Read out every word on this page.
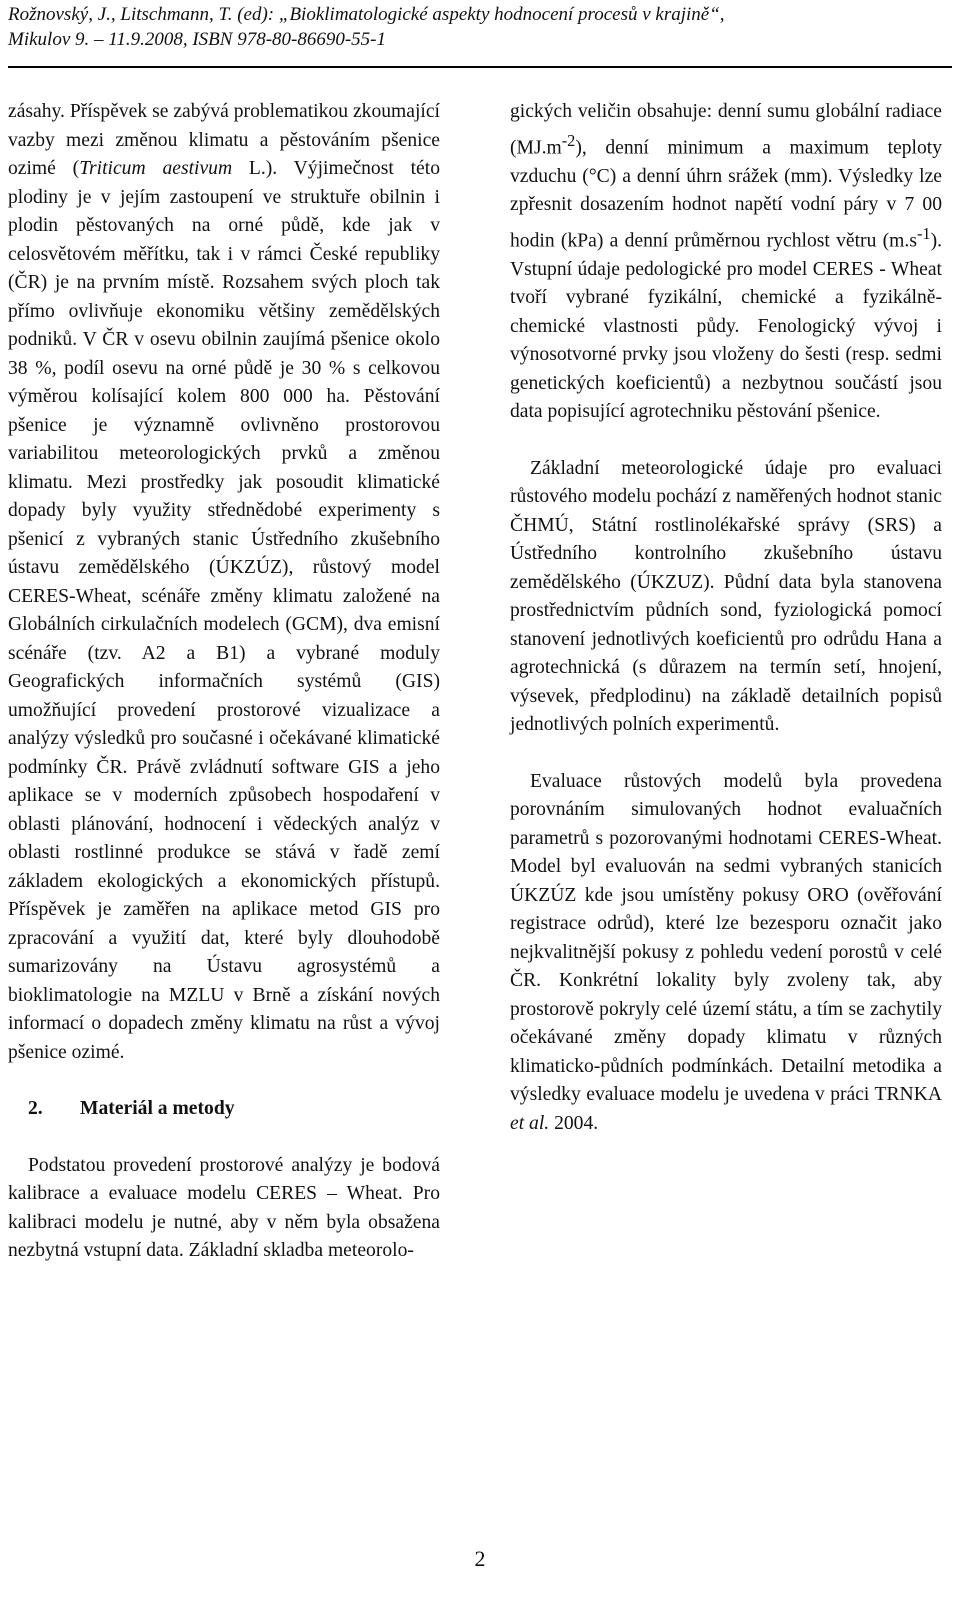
Rožnovský, J., Litschmann, T. (ed): „Bioklimatologické aspekty hodnocení procesů v krajině“,
Mikulov 9. – 11.9.2008, ISBN 978-80-86690-55-1

zásahy. Příspěvek se zabývá problematikou zkoumající vazby mezi změnou klimatu a pěstováním pšenice ozimé (Triticum aestivum L.). Výjimečnost této plodiny je v jejím zastoupení ve struktuře obilnin i plodin pěstovaných na orné půdě, kde jak v celosvětovém měřítku, tak i v rámci České republiky (ČR) je na prvním místě. Rozsahem svých ploch tak přímo ovlivňuje ekonomiku většiny zemědělských podniků. V ČR v osevu obilnin zaujímá pšenice okolo 38 %, podíl osevu na orné půdě je 30 % s celkovou výměrou kolísající kolem 800 000 ha. Pěstování pšenice je významně ovlivněno prostorovou variabilitou meteorologických prvků a změnou klimatu. Mezi prostředky jak posoudit klimatické dopady byly využity střednědobé experimenty s pšenicí z vybraných stanic Ústředního zkušebního ústavu zemědělského (ÚKZÚZ), růstový model CERES-Wheat, scénáře změny klimatu založené na Globálních cirkulačních modelech (GCM), dva emisní scénáře (tzv. A2 a B1) a vybrané moduly Geografických informačních systémů (GIS) umožňující provedení prostorové vizualizace a analýzy výsledků pro současné i očekávané klimatické podmínky ČR. Právě zvládnutí software GIS a jeho aplikace se v moderních způsobech hospodaření v oblasti plánování, hodnocení i vědeckých analýz v oblasti rostlinné produkce se stává v řadě zemí základem ekologických a ekonomických přístupů. Příspěvek je zaměřen na aplikace metod GIS pro zpracování a využití dat, které byly dlouhodobě sumarizovány na Ústavu agrosystémů a bioklimatologie na MZLU v Brně a získání nových informací o dopadech změny klimatu na růst a vývoj pšenice ozimé.

2. Materiál a metody

Podstatou provedení prostorové analýzy je bodová kalibrace a evaluace modelu CERES – Wheat. Pro kalibraci modelu je nutné, aby v něm byla obsažena nezbytná vstupní data. Základní skladba meteorolo-

gických veličin obsahuje: denní sumu globální radiace $(MJ.m^{-2})$, denní minimum a maximum teploty vzduchu (°C) a denní úhrn srážek (mm). Výsledky lze zpřesnit dosazením hodnot napětí vodní páry v 7 00 hodin (kPa) a denní průměrnou rychlost větru $(m.s^{-1})$. Vstupní údaje pedologické pro model CERES - Wheat tvoří vybrané fyzikální, chemické a fyzikálně-chemické vlastnosti půdy. Fenologický vývoj i výnosotvorné prvky jsou vloženy do šesti (resp. sedmi genetických koeficientů) a nezbytnou součástí jsou data popisující agrotechniku pěstování pšenice.

Základní meteorologické údaje pro evaluaci růstového modelu pochází z naměřených hodnot stanic ČHMÚ, Státní rostlinolékařské správy (SRS) a Ústředního kontrolního zkušebního ústavu zemědělského (ÚKZUZ). Půdní data byla stanovena prostřednictvím půdních sond, fyziologická pomocí stanovení jednotlivých koeficientů pro odrůdu Hana a agrotechnická (s důrazem na termín setí, hnojení, výsevek, předplodinu) na základě detailních popisů jednotlivých polních experimentů.

Evaluace růstových modelů byla provedena porovnáním simulovaných hodnot evaluačních parametrů s pozorovanými hodnotami CERES-Wheat. Model byl evaluován na sedmi vybraných stanicích ÚKZÚZ kde jsou umístěny pokusy ORO (ověřování registrace odrůd), které lze bezesporu označit jako nejkvalitnější pokusy z pohledu vedení porostů v celé ČR. Konkrétní lokality byly zvoleny tak, aby prostorově pokryly celé území státu, a tím se zachytily očekávané změny dopady klimatu v různých klimaticko-půdních podmínkách. Detailní metodika a výsledky evaluace modelu je uvedena v práci TRNKA et al. 2004.

2
